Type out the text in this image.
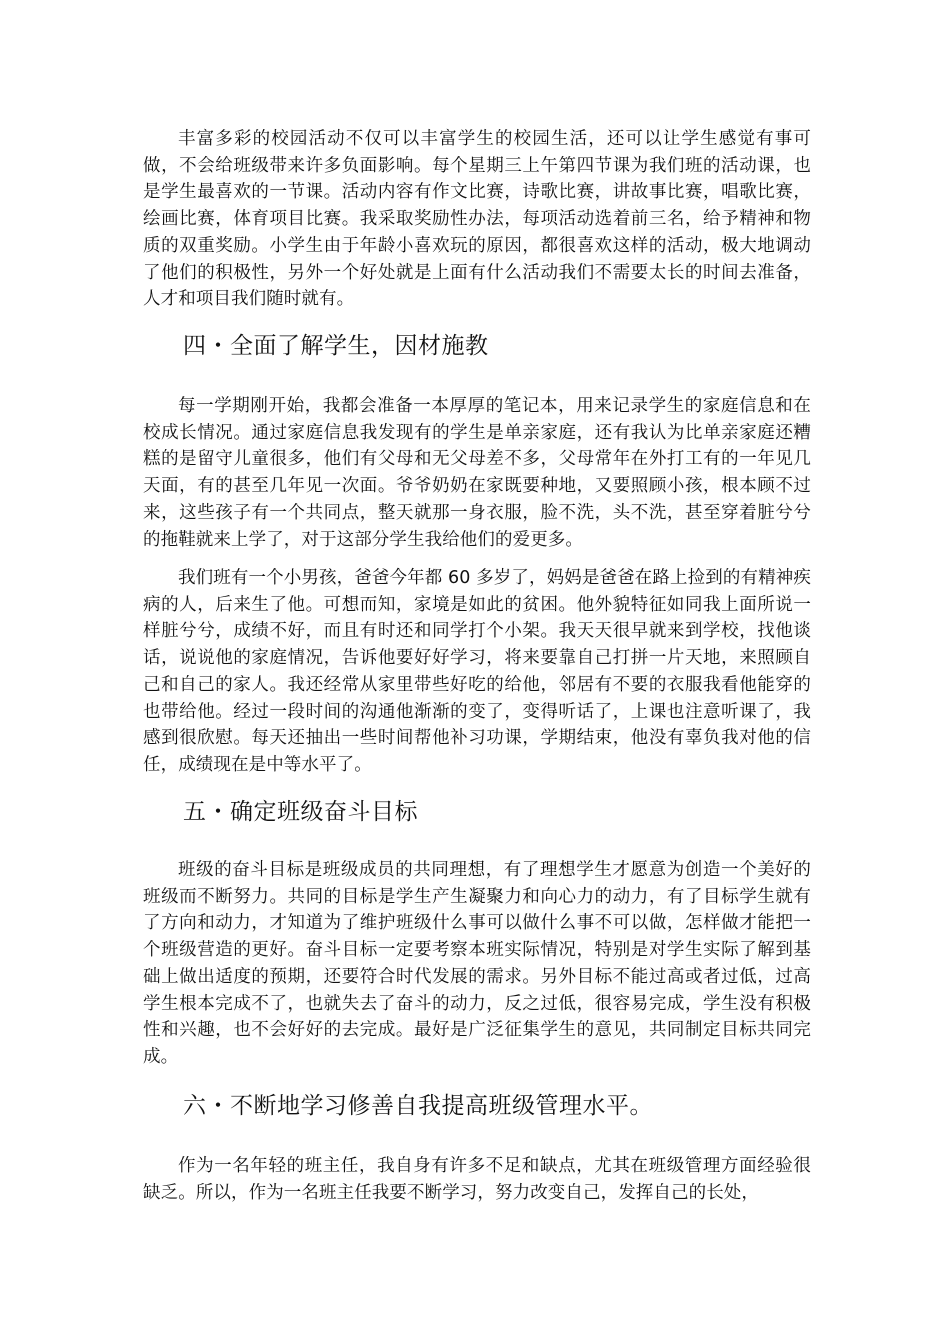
丰富多彩的校园活动不仅可以丰富学生的校园生活，还可以让学生感觉有事可做，不会给班级带来许多负面影响。每个星期三上午第四节课为我们班的活动课，也是学生最喜欢的一节课。活动内容有作文比赛，诗歌比赛，讲故事比赛，唱歌比赛，绘画比赛，体育项目比赛。我采取奖励性办法，每项活动选着前三名，给予精神和物质的双重奖励。小学生由于年龄小喜欢玩的原因，都很喜欢这样的活动，极大地调动了他们的积极性，另外一个好处就是上面有什么活动我们不需要太长的时间去准备，人才和项目我们随时就有。

四・全面了解学生，因材施教

每一学期刚开始，我都会准备一本厚厚的笔记本，用来记录学生的家庭信息和在校成长情况。通过家庭信息我发现有的学生是单亲家庭，还有我认为比单亲家庭还糟糕的是留守儿童很多，他们有父母和无父母差不多，父母常年在外打工有的一年见几天面，有的甚至几年见一次面。爷爷奶奶在家既要种地，又要照顾小孩，根本顾不过来，这些孩子有一个共同点，整天就那一身衣服，脸不洗，头不洗，甚至穿着脏兮兮的拖鞋就来上学了，对于这部分学生我给他们的爱更多。

我们班有一个小男孩，爸爸今年都 60 多岁了，妈妈是爸爸在路上捡到的有精神疾病的人，后来生了他。可想而知，家境是如此的贫困。他外貌特征如同我上面所说一样脏兮兮，成绩不好，而且有时还和同学打个小架。我天天很早就来到学校，找他谈话，说说他的家庭情况，告诉他要好好学习，将来要靠自己打拼一片天地，来照顾自己和自己的家人。我还经常从家里带些好吃的给他，邻居有不要的衣服我看他能穿的也带给他。经过一段时间的沟通他渐渐的变了，变得听话了，上课也注意听课了，我感到很欣慰。每天还抽出一些时间帮他补习功课，学期结束，他没有辜负我对他的信任，成绩现在是中等水平了。

五・确定班级奋斗目标

班级的奋斗目标是班级成员的共同理想，有了理想学生才愿意为创造一个美好的班级而不断努力。共同的目标是学生产生凝聚力和向心力的动力，有了目标学生就有了方向和动力，才知道为了维护班级什么事可以做什么事不可以做，怎样做才能把一个班级营造的更好。奋斗目标一定要考察本班实际情况，特别是对学生实际了解到基础上做出适度的预期，还要符合时代发展的需求。另外目标不能过高或者过低，过高学生根本完成不了，也就失去了奋斗的动力，反之过低，很容易完成，学生没有积极性和兴趣，也不会好好的去完成。最好是广泛征集学生的意见，共同制定目标共同完成。

六・不断地学习修善自我提高班级管理水平。

作为一名年轻的班主任，我自身有许多不足和缺点，尤其在班级管理方面经验很缺乏。所以，作为一名班主任我要不断学习，努力改变自己，发挥自己的长处，
